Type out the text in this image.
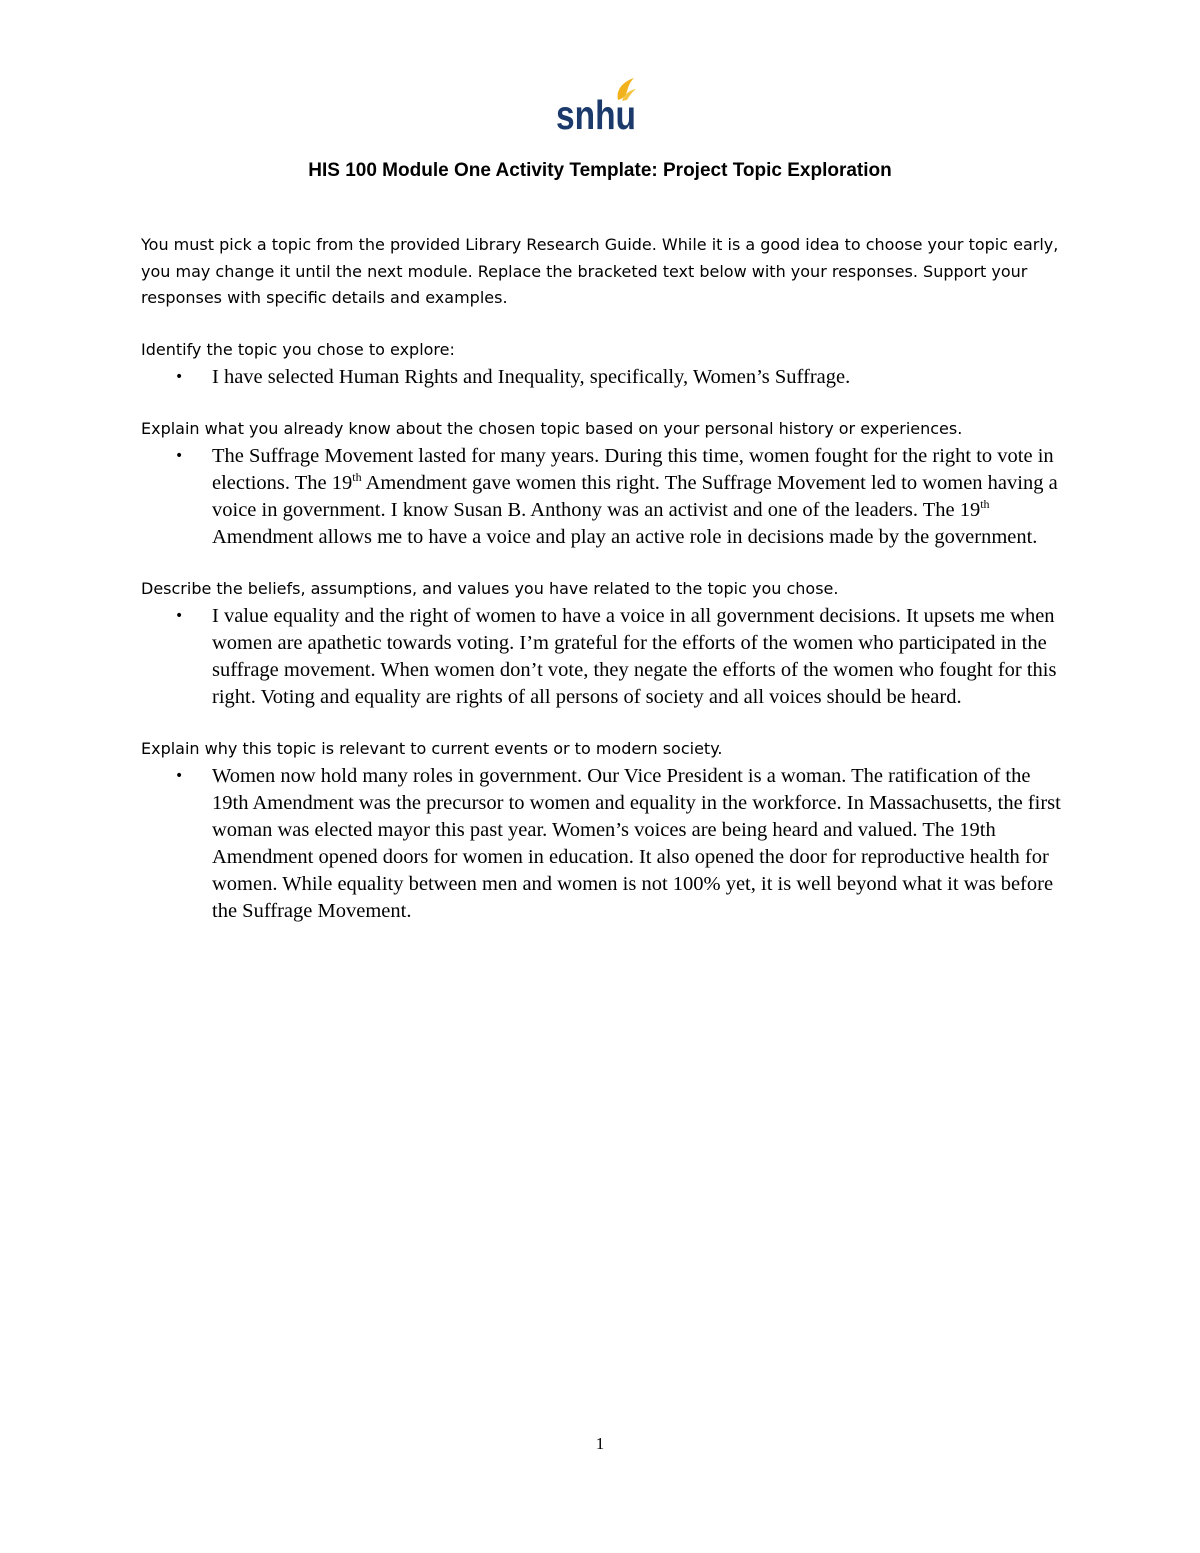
snhu
HIS 100 Module One Activity Template: Project Topic Exploration

You must pick a topic from the provided Library Research Guide. While it is a good idea to choose your topic early, you may change it until the next module. Replace the bracketed text below with your responses. Support your responses with specific details and examples.

Identify the topic you chose to explore:

• I have selected Human Rights and Inequality, specifically, Women’s Suffrage.

Explain what you already know about the chosen topic based on your personal history or experiences.

• The Suffrage Movement lasted for many years. During this time, women fought for the right to vote in elections. The 19th Amendment gave women this right. The Suffrage Movement led to women having a voice in government. I know Susan B. Anthony was an activist and one of the leaders. The 19th Amendment allows me to have a voice and play an active role in decisions made by the government.

Describe the beliefs, assumptions, and values you have related to the topic you chose.

• I value equality and the right of women to have a voice in all government decisions. It upsets me when women are apathetic towards voting. I’m grateful for the efforts of the women who participated in the suffrage movement. When women don’t vote, they negate the efforts of the women who fought for this right. Voting and equality are rights of all persons of society and all voices should be heard.

Explain why this topic is relevant to current events or to modern society.

• Women now hold many roles in government. Our Vice President is a woman. The ratification of the 19th Amendment was the precursor to women and equality in the workforce. In Massachusetts, the first woman was elected mayor this past year. Women’s voices are being heard and valued. The 19th Amendment opened doors for women in education. It also opened the door for reproductive health for women. While equality between men and women is not 100% yet, it is well beyond what it was before the Suffrage Movement.
1
